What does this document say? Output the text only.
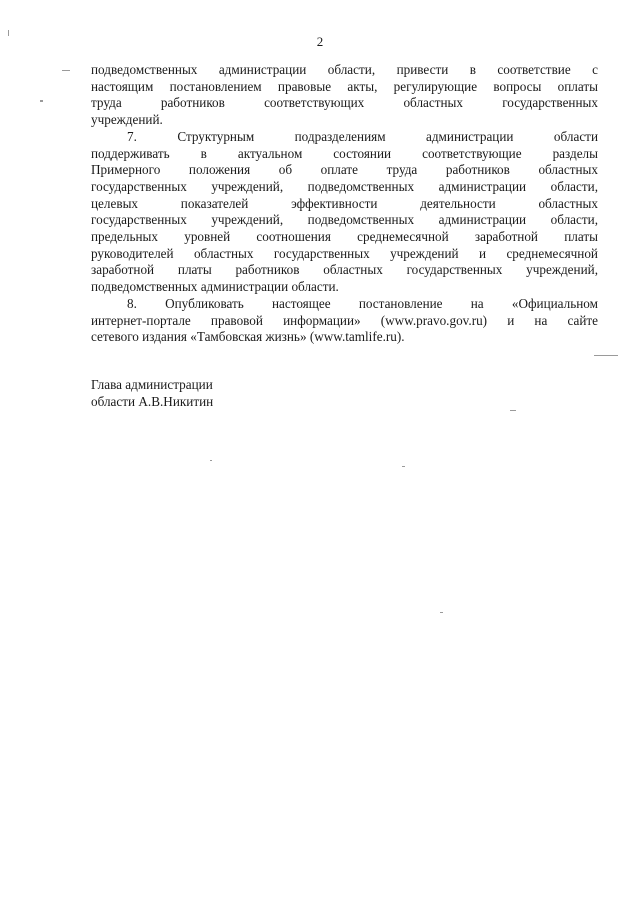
2
подведомственных администрации области, привести в соответствие с
настоящим постановлением правовые акты, регулирующие вопросы оплаты
труда работников соответствующих областных государственных
учреждений.
7. Структурным подразделениям администрации области
поддерживать в актуальном состоянии соответствующие разделы
Примерного положения об оплате труда работников областных
государственных учреждений, подведомственных администрации области,
целевых показателей эффективности деятельности областных
государственных учреждений, подведомственных администрации области,
предельных уровней соотношения среднемесячной заработной платы
руководителей областных государственных учреждений и среднемесячной
заработной платы работников областных государственных учреждений,
подведомственных администрации области.
8. Опубликовать настоящее постановление на «Официальном
интернет-портале правовой информации» (www.pravo.gov.ru) и на сайте
сетевого издания «Тамбовская жизнь» (www.tamlife.ru).
Глава администрации
области А.В.Никитин
